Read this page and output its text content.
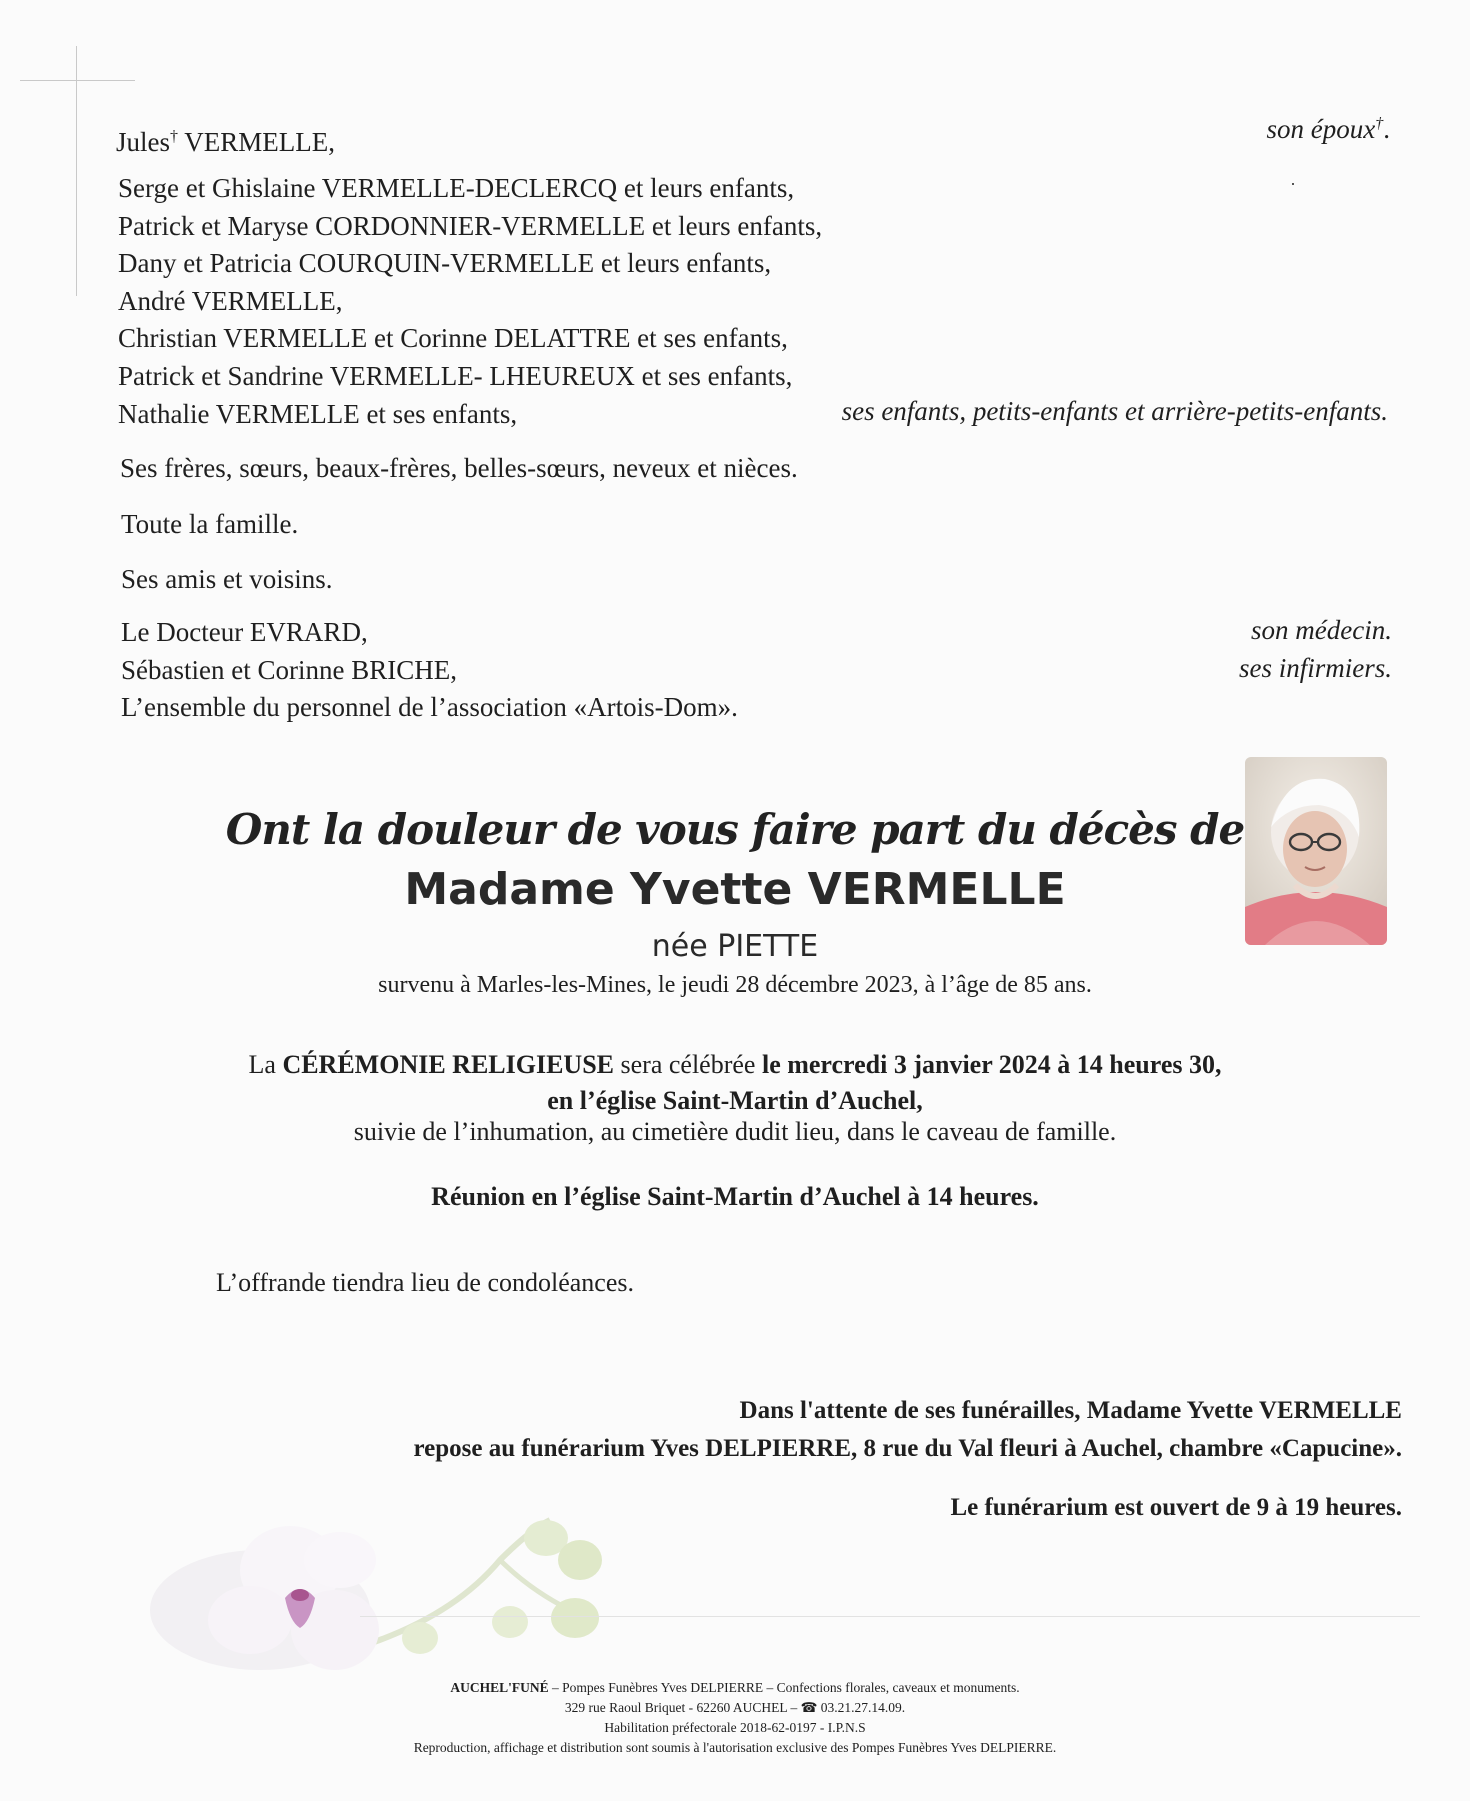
Jules† VERMELLE,	son époux†.
Serge et Ghislaine VERMELLE-DECLERCQ et leurs enfants,
Patrick et Maryse CORDONNIER-VERMELLE et leurs enfants,
Dany et Patricia COURQUIN-VERMELLE et leurs enfants,
André VERMELLE,
Christian VERMELLE et Corinne DELATTRE et ses enfants,
Patrick et Sandrine VERMELLE- LHEUREUX et ses enfants,
Nathalie VERMELLE et ses enfants,	ses enfants, petits-enfants et arrière-petits-enfants.
Ses frères, sœurs, beaux-frères, belles-sœurs, neveux et nièces.
Toute la famille.
Ses amis et voisins.
Le Docteur EVRARD,
Sébastien et Corinne BRICHE,
L’ensemble du personnel de l’association «Artois-Dom».
son médecin.
ses infirmiers.
Ont la douleur de vous faire part du décès de
Madame Yvette VERMELLE
née PIETTE
survenu à Marles-les-Mines, le jeudi 28 décembre 2023, à l’âge de 85 ans.
La CÉRÉMONIE RELIGIEUSE sera célébrée le mercredi 3 janvier 2024 à 14 heures 30,
en l’église Saint-Martin d’Auchel,
suivie de l’inhumation, au cimetière dudit lieu, dans le caveau de famille.
Réunion en l’église Saint-Martin d’Auchel à 14 heures.
L’offrande tiendra lieu de condoléances.
Dans l'attente de ses funérailles, Madame Yvette VERMELLE
repose au funérarium Yves DELPIERRE, 8 rue du Val fleuri à Auchel, chambre «Capucine».
Le funérarium est ouvert de 9 à 19 heures.
AUCHEL'FUNÉ – Pompes Funèbres Yves DELPIERRE – Confections florales, caveaux et monuments.
329 rue Raoul Briquet - 62260 AUCHEL – ☎ 03.21.27.14.09.
Habilitation préfectorale 2018-62-0197 - I.P.N.S
Reproduction, affichage et distribution sont soumis à l'autorisation exclusive des Pompes Funèbres Yves DELPIERRE.
